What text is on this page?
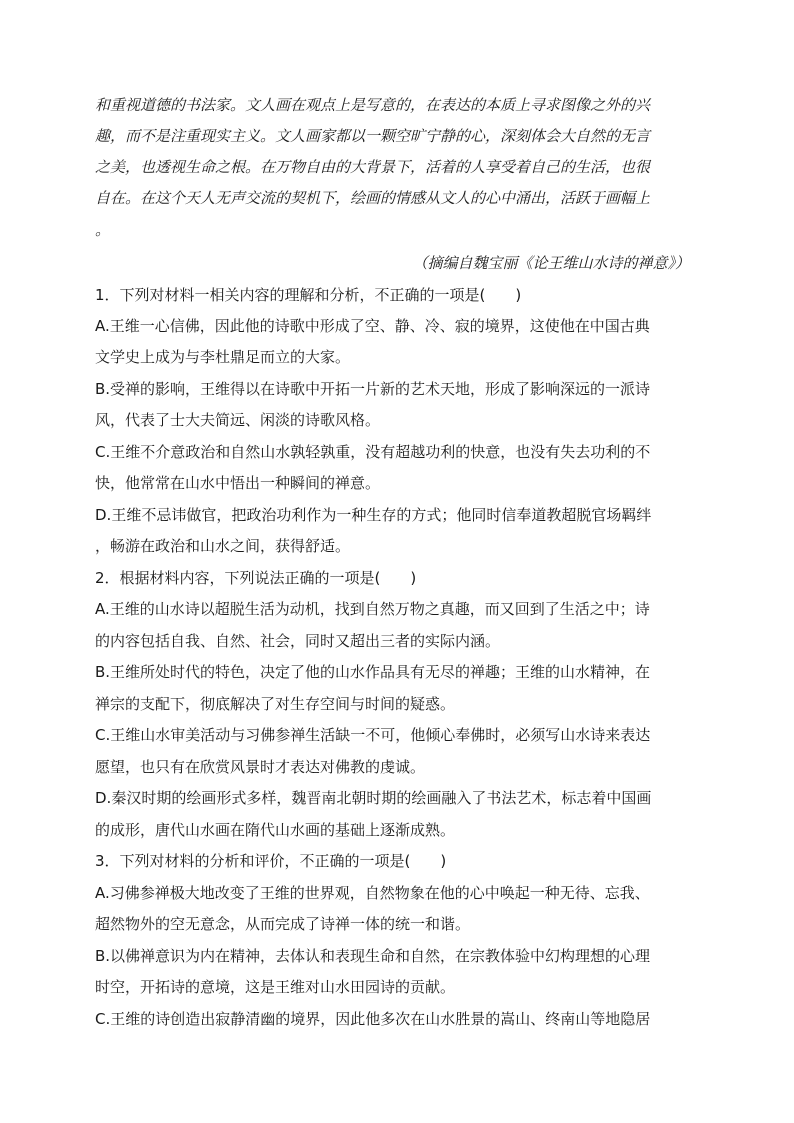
和重视道德的书法家。文人画在观点上是写意的，在表达的本质上寻求图像之外的兴
趣，而不是注重现实主义。文人画家都以一颗空旷宁静的心，深刻体会大自然的无言
之美，也透视生命之根。在万物自由的大背景下，活着的人享受着自己的生活，也很
自在。在这个天人无声交流的契机下，绘画的情感从文人的心中涌出，活跃于画幅上
。
（摘编自魏宝丽《论王维山水诗的禅意》）
1．下列对材料一相关内容的理解和分析，不正确的一项是(　　)
A.王维一心信佛，因此他的诗歌中形成了空、静、冷、寂的境界，这使他在中国古典
文学史上成为与李杜鼎足而立的大家。
B.受禅的影响，王维得以在诗歌中开拓一片新的艺术天地，形成了影响深远的一派诗
风，代表了士大夫简远、闲淡的诗歌风格。
C.王维不介意政治和自然山水孰轻孰重，没有超越功利的快意，也没有失去功利的不
快，他常常在山水中悟出一种瞬间的禅意。
D.王维不忌讳做官，把政治功利作为一种生存的方式；他同时信奉道教超脱官场羁绊
，畅游在政治和山水之间，获得舒适。
2．根据材料内容，下列说法正确的一项是(　　)
A.王维的山水诗以超脱生活为动机，找到自然万物之真趣，而又回到了生活之中；诗
的内容包括自我、自然、社会，同时又超出三者的实际内涵。
B.王维所处时代的特色，决定了他的山水作品具有无尽的禅趣；王维的山水精神，在
禅宗的支配下，彻底解决了对生存空间与时间的疑惑。
C.王维山水审美活动与习佛参禅生活缺一不可，他倾心奉佛时，必须写山水诗来表达
愿望，也只有在欣赏风景时才表达对佛教的虔诚。
D.秦汉时期的绘画形式多样，魏晋南北朝时期的绘画融入了书法艺术，标志着中国画
的成形，唐代山水画在隋代山水画的基础上逐渐成熟。
3．下列对材料的分析和评价，不正确的一项是(　　)
A.习佛参禅极大地改变了王维的世界观，自然物象在他的心中唤起一种无待、忘我、
超然物外的空无意念，从而完成了诗禅一体的统一和谐。
B.以佛禅意识为内在精神，去体认和表现生命和自然，在宗教体验中幻构理想的心理
时空，开拓诗的意境，这是王维对山水田园诗的贡献。
C.王维的诗创造出寂静清幽的境界，因此他多次在山水胜景的嵩山、终南山等地隐居
